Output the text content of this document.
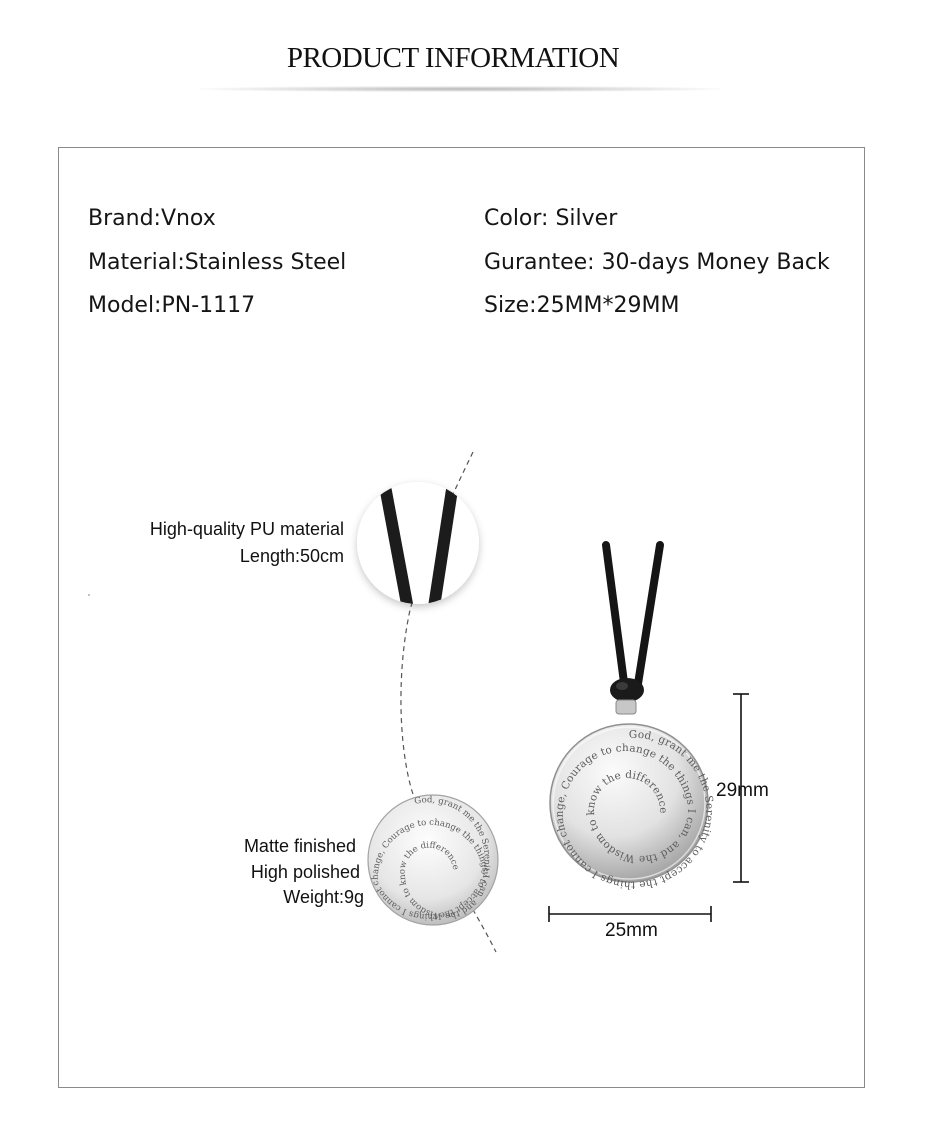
PRODUCT INFORMATION
Brand:Vnox
Material:Stainless Steel
Model:PN-1117
Color: Silver
Gurantee: 30-days Money Back
Size:25MM*29MM
God, grant me the Serenity to accept the things I cannot change, Courage to change the things I can, and the Wisdom to know the difference
God, grant me the Serenity to accept the things I cannot change, Courage to change the things I can, and the Wisdom to know the difference
High-quality PU material
Length:50cm
Matte finished
High polished
Weight:9g
29mm
25mm
